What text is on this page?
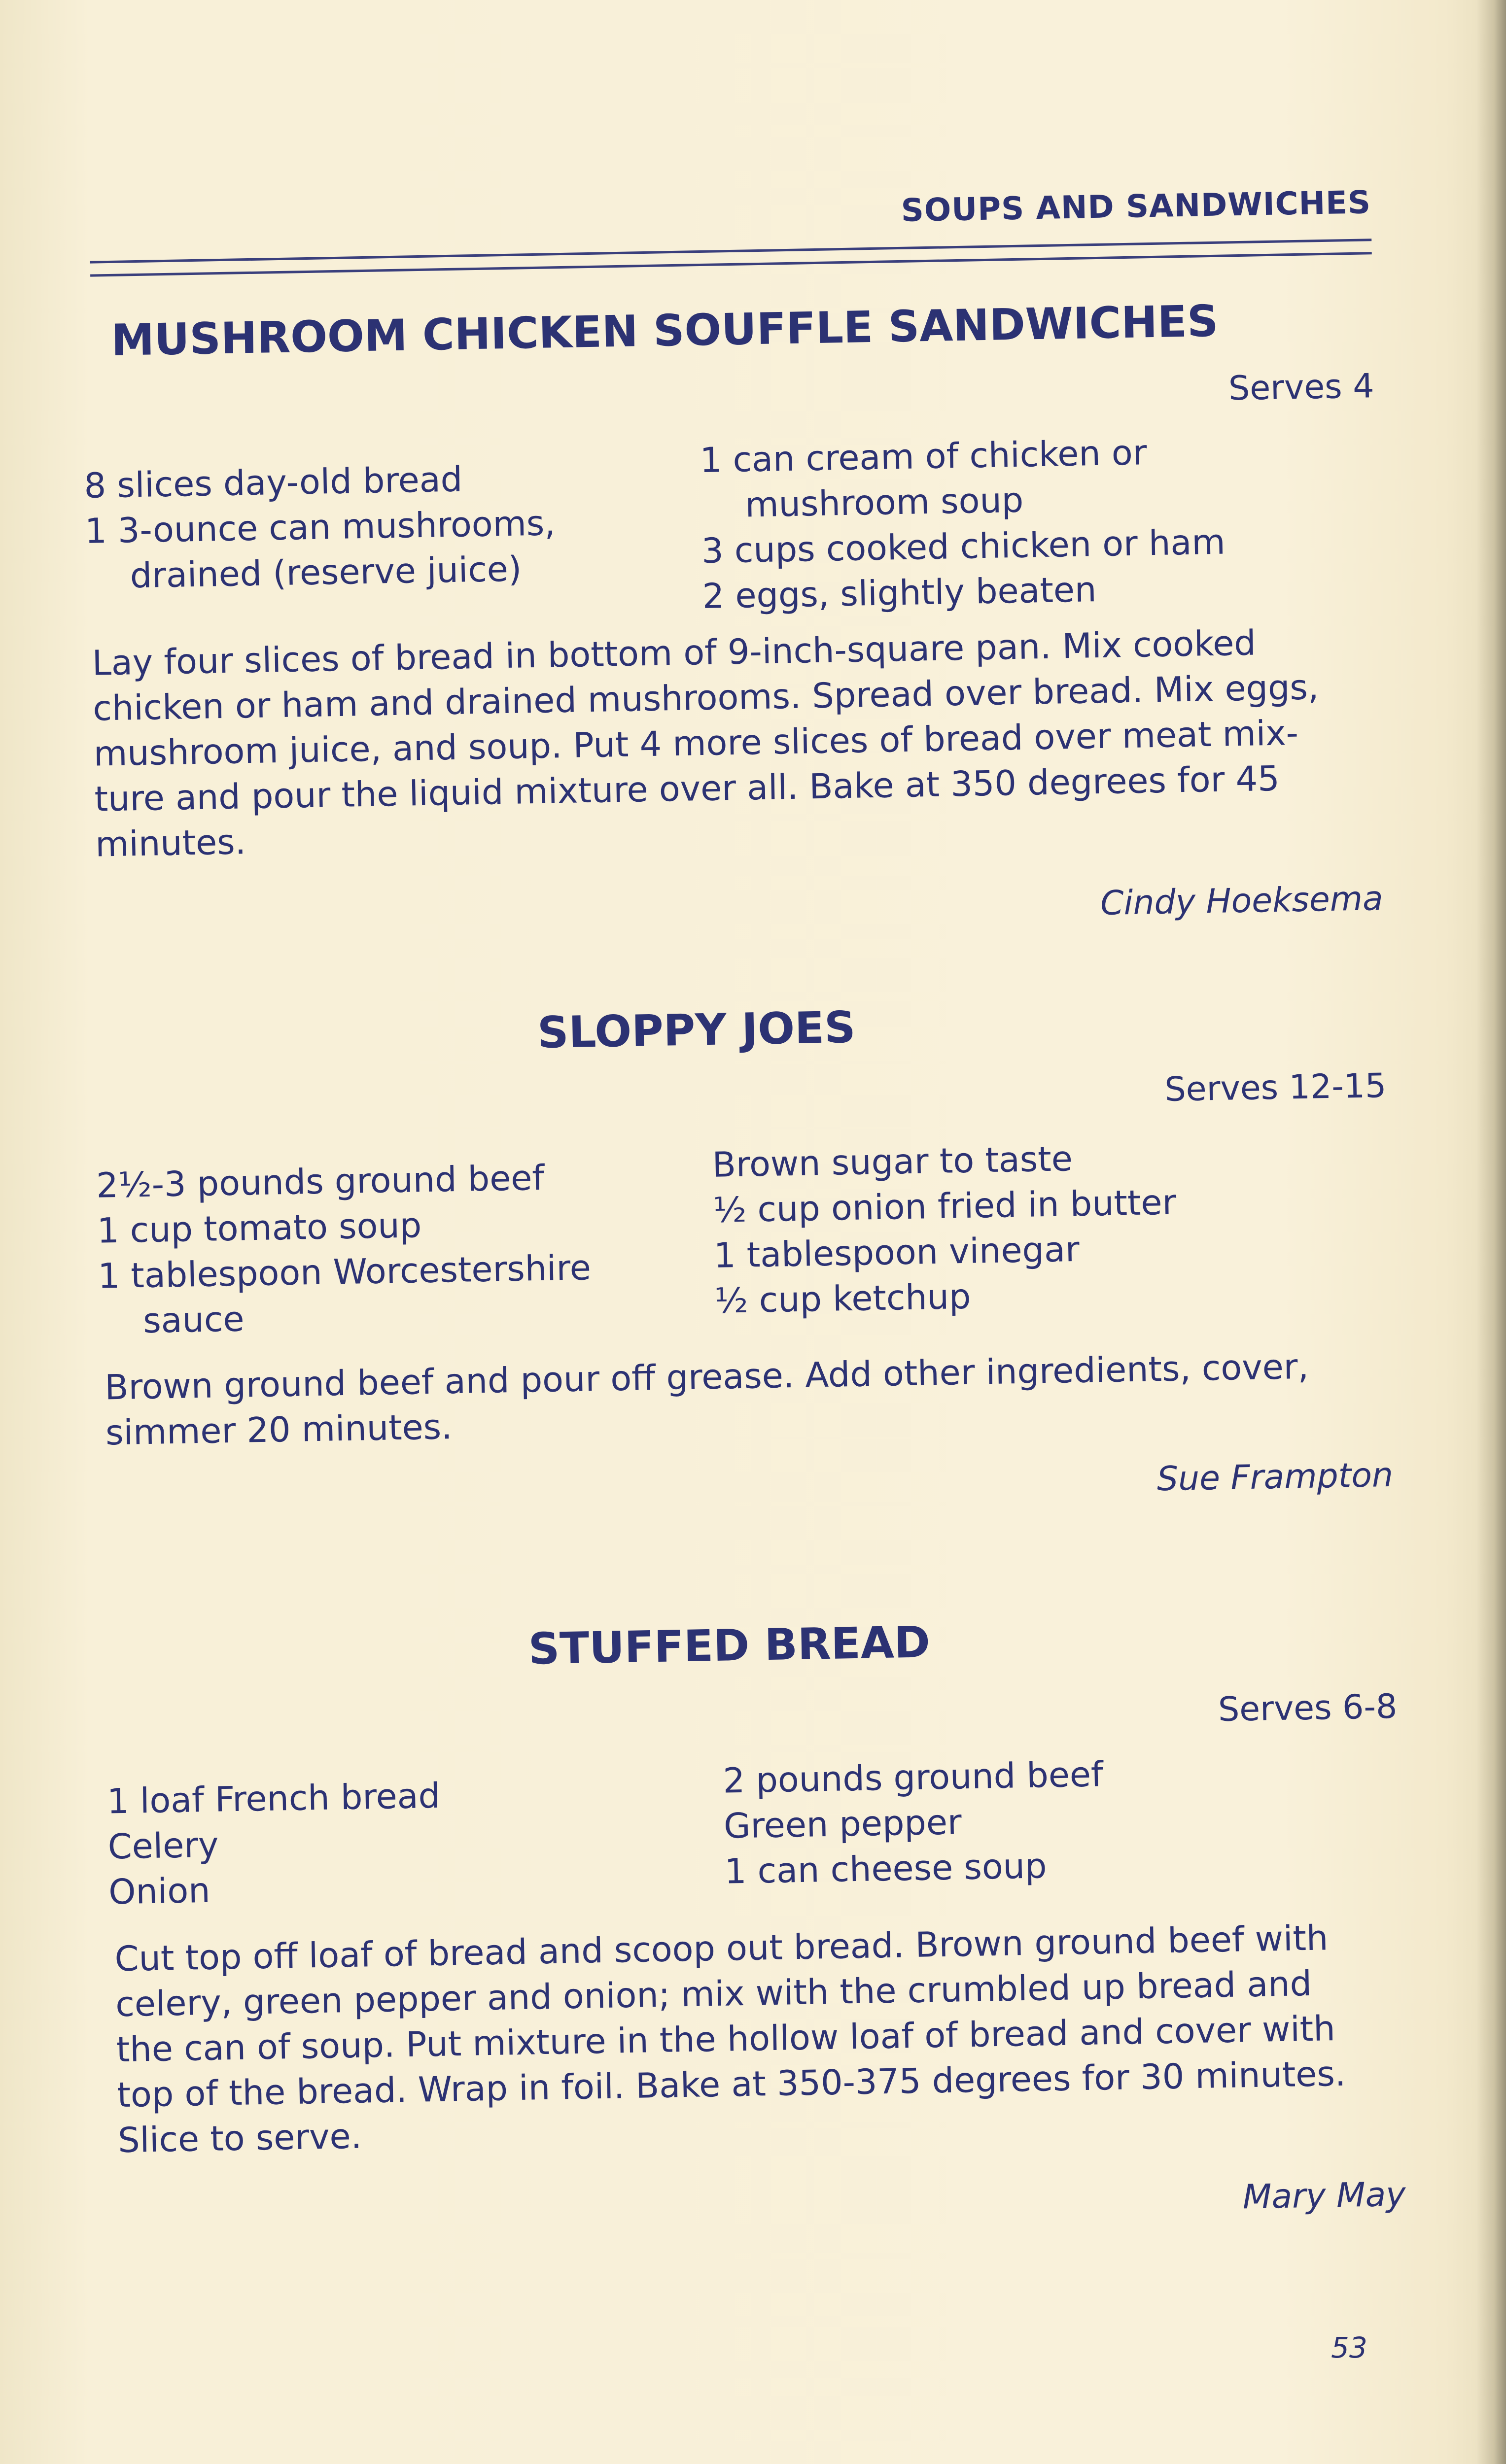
SOUPS AND SANDWICHES
MUSHROOM CHICKEN SOUFFLE SANDWICHES
Serves 4
8 slices day-old bread
1 3-ounce can mushrooms,
drained (reserve juice)
1 can cream of chicken or
mushroom soup
3 cups cooked chicken or ham
2 eggs, slightly beaten
Lay four slices of bread in bottom of 9-inch-square pan. Mix cooked
chicken or ham and drained mushrooms. Spread over bread. Mix eggs,
mushroom juice, and soup. Put 4 more slices of bread over meat mix-
ture and pour the liquid mixture over all. Bake at 350 degrees for 45
minutes.
Cindy Hoeksema
SLOPPY JOES
Serves 12-15
2½-3 pounds ground beef
1 cup tomato soup
1 tablespoon Worcestershire
sauce
Brown sugar to taste
½ cup onion fried in butter
1 tablespoon vinegar
½ cup ketchup
Brown ground beef and pour off grease. Add other ingredients, cover,
simmer 20 minutes.
Sue Frampton
STUFFED BREAD
Serves 6-8
1 loaf French bread
Celery
Onion
2 pounds ground beef
Green pepper
1 can cheese soup
Cut top off loaf of bread and scoop out bread. Brown ground beef with
celery, green pepper and onion; mix with the crumbled up bread and
the can of soup. Put mixture in the hollow loaf of bread and cover with
top of the bread. Wrap in foil. Bake at 350-375 degrees for 30 minutes.
Slice to serve.
Mary May
53
